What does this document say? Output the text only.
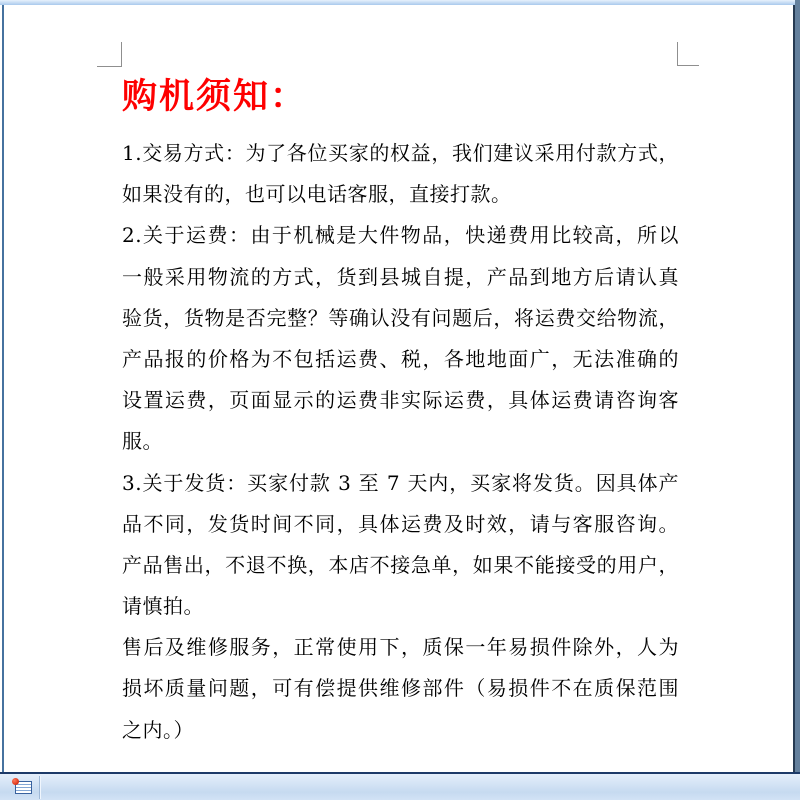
购机须知：
1.交易方式：为了各位买家的权益，我们建议采用付款方式，
如果没有的，也可以电话客服，直接打款。
2.关于运费：由于机械是大件物品，快递费用比较高，所以
一般采用物流的方式，货到县城自提，产品到地方后请认真
验货，货物是否完整？等确认没有问题后，将运费交给物流，
产品报的价格为不包括运费、税，各地地面广，无法准确的
设置运费，页面显示的运费非实际运费，具体运费请咨询客
服。
3.关于发货：买家付款 3 至 7 天内，买家将发货。因具体产
品不同，发货时间不同，具体运费及时效，请与客服咨询。
产品售出，不退不换，本店不接急单，如果不能接受的用户，
请慎拍。
售后及维修服务，正常使用下，质保一年易损件除外，人为
损坏质量问题，可有偿提供维修部件（易损件不在质保范围
之内。）
